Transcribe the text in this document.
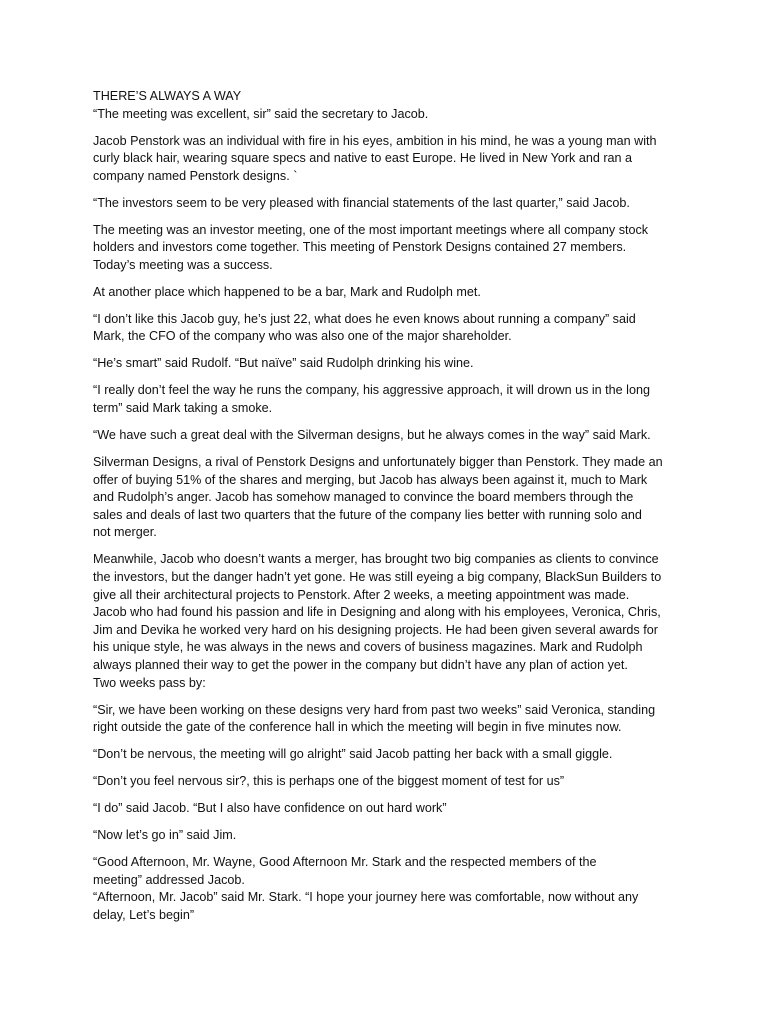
THERE’S ALWAYS A WAY

“The meeting was excellent, sir” said the secretary to Jacob.

Jacob Penstork was an individual with fire in his eyes, ambition in his mind, he was a young man with
curly black hair, wearing square specs and native to east Europe. He lived in New York and ran a
company named Penstork designs. `

“The investors seem to be very pleased with financial statements of the last quarter,” said Jacob.

The meeting was an investor meeting, one of the most important meetings where all company stock
holders and investors come together. This meeting of Penstork Designs contained 27 members.
Today’s meeting was a success.

At another place which happened to be a bar, Mark and Rudolph met.

“I don’t like this Jacob guy, he’s just 22, what does he even knows about running a company” said
Mark, the CFO of the company who was also one of the major shareholder.

“He’s smart” said Rudolf. “But naïve” said Rudolph drinking his wine.

“I really don’t feel the way he runs the company, his aggressive approach, it will drown us in the long
term” said Mark taking a smoke.

“We have such a great deal with the Silverman designs, but he always comes in the way” said Mark.

Silverman Designs, a rival of Penstork Designs and unfortunately bigger than Penstork. They made an
offer of buying 51% of the shares and merging, but Jacob has always been against it, much to Mark
and Rudolph’s anger. Jacob has somehow managed to convince the board members through the
sales and deals of last two quarters that the future of the company lies better with running solo and
not merger.

Meanwhile, Jacob who doesn’t wants a merger, has brought two big companies as clients to convince
the investors, but the danger hadn’t yet gone. He was still eyeing a big company, BlackSun Builders to
give all their architectural projects to Penstork. After 2 weeks, a meeting appointment was made.
Jacob who had found his passion and life in Designing and along with his employees, Veronica, Chris,
Jim and Devika he worked very hard on his designing projects. He had been given several awards for
his unique style, he was always in the news and covers of business magazines. Mark and Rudolph
always planned their way to get the power in the company but didn’t have any plan of action yet.
Two weeks pass by:

“Sir, we have been working on these designs very hard from past two weeks” said Veronica, standing
right outside the gate of the conference hall in which the meeting will begin in five minutes now.

“Don’t be nervous, the meeting will go alright” said Jacob patting her back with a small giggle.

“Don’t you feel nervous sir?, this is perhaps one of the biggest moment of test for us”

“I do” said Jacob. “But I also have confidence on out hard work”

“Now let’s go in” said Jim.

“Good Afternoon, Mr. Wayne, Good Afternoon Mr. Stark and the respected members of the
meeting” addressed Jacob.
“Afternoon, Mr. Jacob” said Mr. Stark. “I hope your journey here was comfortable, now without any
delay, Let’s begin”
